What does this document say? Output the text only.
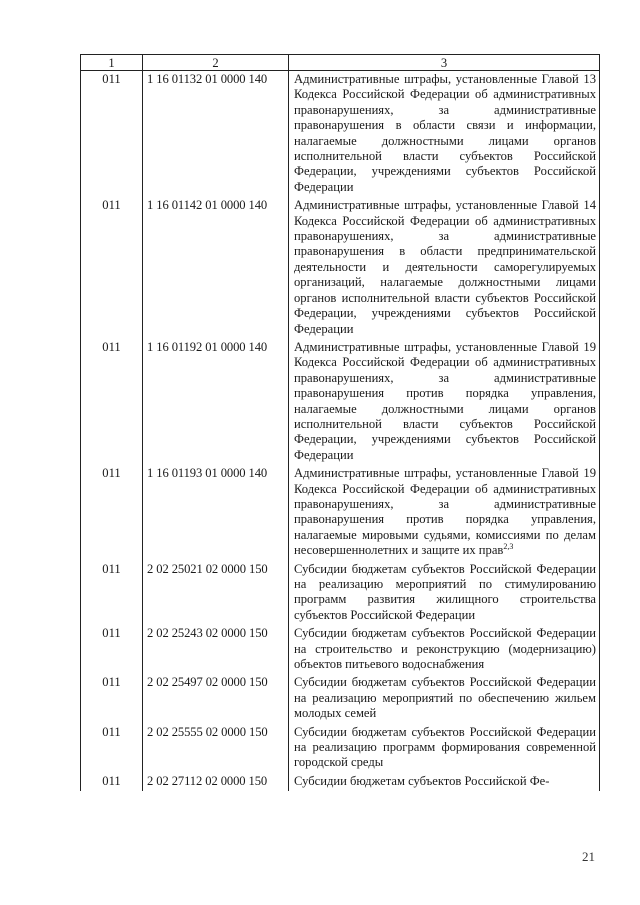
1	2	3
011	1 16 01132 01 0000 140	Административные штрафы, установленные Главой 13 Кодекса Российской Федерации об административных правонарушениях, за административные правонарушения в области связи и информации, налагаемые должностными лицами органов исполнительной власти субъектов Российской Федерации, учреждениями субъектов Российской Федерации
011	1 16 01142 01 0000 140	Административные штрафы, установленные Главой 14 Кодекса Российской Федерации об административных правонарушениях, за административные правонарушения в области предпринимательской деятельности и деятельности саморегулируемых организаций, налагаемые должностными лицами органов исполнительной власти субъектов Российской Федерации, учреждениями субъектов Российской Федерации
011	1 16 01192 01 0000 140	Административные штрафы, установленные Главой 19 Кодекса Российской Федерации об административных правонарушениях, за административные правонарушения против порядка управления, налагаемые должностными лицами органов исполнительной власти субъектов Российской Федерации, учреждениями субъектов Российской Федерации
011	1 16 01193 01 0000 140	Административные штрафы, установленные Главой 19 Кодекса Российской Федерации об административных правонарушениях, за административные правонарушения против порядка управления, налагаемые мировыми судьями, комиссиями по делам несовершеннолетних и защите их прав$^{2,3}$
011	2 02 25021 02 0000 150	Субсидии бюджетам субъектов Российской Федерации на реализацию мероприятий по стимулированию программ развития жилищного строительства субъектов Российской Федерации
011	2 02 25243 02 0000 150	Субсидии бюджетам субъектов Российской Федерации на строительство и реконструкцию (модернизацию) объектов питьевого водоснабжения
011	2 02 25497 02 0000 150	Субсидии бюджетам субъектов Российской Федерации на реализацию мероприятий по обеспечению жильем молодых семей
011	2 02 25555 02 0000 150	Субсидии бюджетам субъектов Российской Федерации на реализацию программ формирования современной городской среды
011	2 02 27112 02 0000 150	Субсидии бюджетам субъектов Российской Фе-
21
